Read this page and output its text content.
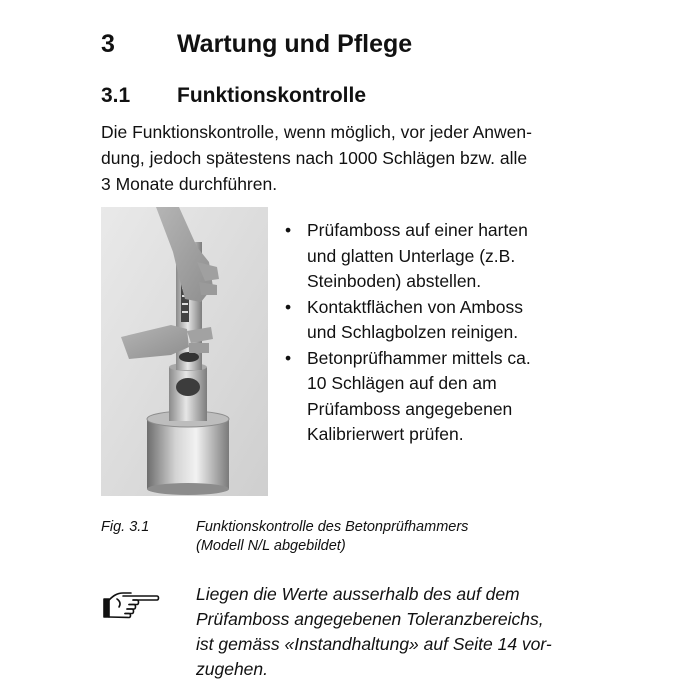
3 Wartung und Pflege
3.1 Funktionskontrolle
Die Funktionskontrolle, wenn möglich, vor jeder Anwen-
dung, jedoch spätestens nach 1000 Schlägen bzw. alle
3 Monate durchführen.
• Prüfamboss auf einer harten
und glatten Unterlage (z.B.
Steinboden) abstellen.
• Kontaktflächen von Amboss
und Schlagbolzen reinigen.
• Betonprüfhammer mittels ca.
10 Schlägen auf den am
Prüfamboss angegebenen
Kalibrierwert prüfen.
Fig. 3.1	Funktionskontrolle des Betonprüfhammers
(Modell N/L abgebildet)
Liegen die Werte ausserhalb des auf dem
Prüfamboss angegebenen Toleranzbereichs,
ist gemäss «Instandhaltung» auf Seite 14 vor-
zugehen.
